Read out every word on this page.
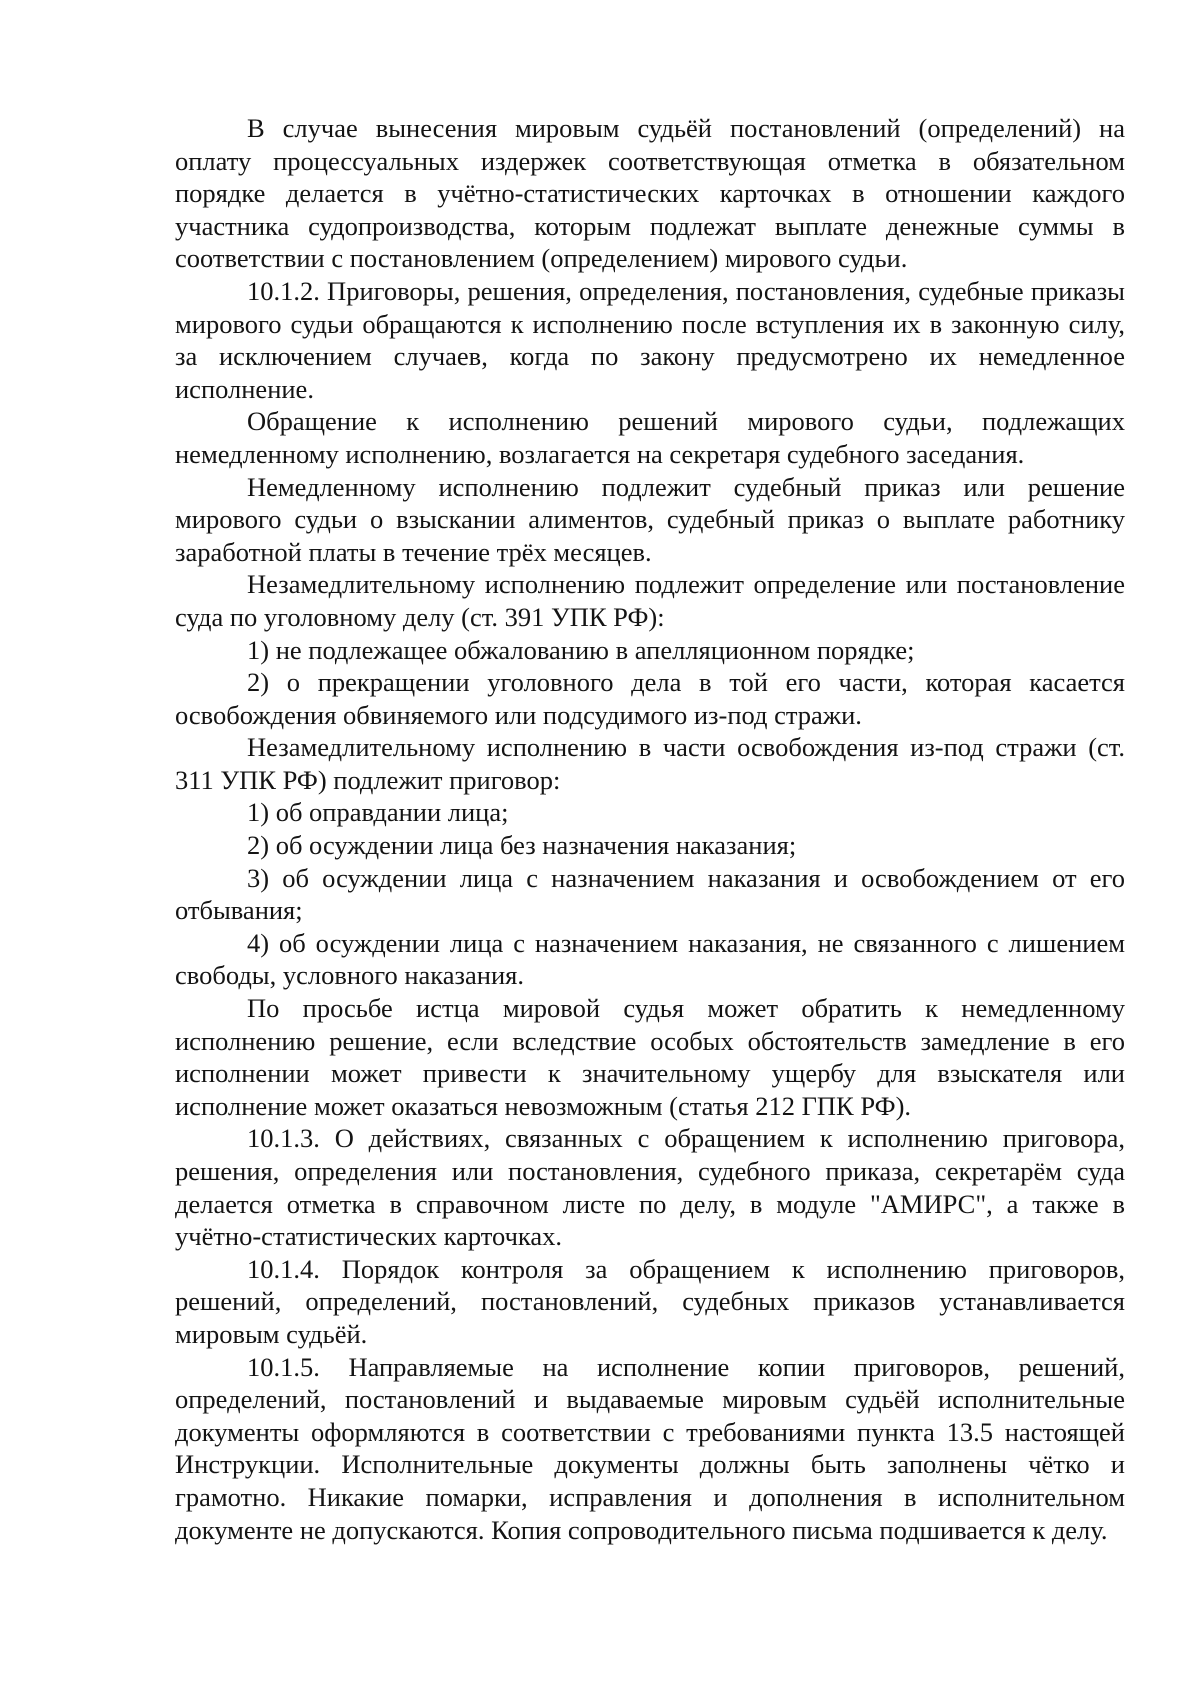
В случае вынесения мировым судьёй постановлений (определений) на оплату процессуальных издержек соответствующая отметка в обязательном порядке делается в учётно-статистических карточках в отношении каждого участника судопроизводства, которым подлежат выплате денежные суммы в соответствии с постановлением (определением) мирового судьи.

10.1.2. Приговоры, решения, определения, постановления, судебные приказы мирового судьи обращаются к исполнению после вступления их в законную силу, за исключением случаев, когда по закону предусмотрено их немедленное исполнение.

Обращение к исполнению решений мирового судьи, подлежащих немедленному исполнению, возлагается на секретаря судебного заседания.

Немедленному исполнению подлежит судебный приказ или решение мирового судьи о взыскании алиментов, судебный приказ о выплате работнику заработной платы в течение трёх месяцев.

Незамедлительному исполнению подлежит определение или постановление суда по уголовному делу (ст. 391 УПК РФ):

1) не подлежащее обжалованию в апелляционном порядке;

2) о прекращении уголовного дела в той его части, которая касается освобождения обвиняемого или подсудимого из-под стражи.

Незамедлительному исполнению в части освобождения из-под стражи (ст. 311 УПК РФ) подлежит приговор:

1) об оправдании лица;

2) об осуждении лица без назначения наказания;

3) об осуждении лица с назначением наказания и освобождением от его отбывания;

4) об осуждении лица с назначением наказания, не связанного с лишением свободы, условного наказания.

По просьбе истца мировой судья может обратить к немедленному исполнению решение, если вследствие особых обстоятельств замедление в его исполнении может привести к значительному ущербу для взыскателя или исполнение может оказаться невозможным (статья 212 ГПК РФ).

10.1.3. О действиях, связанных с обращением к исполнению приговора, решения, определения или постановления, судебного приказа, секретарём суда делается отметка в справочном листе по делу, в модуле "АМИРС", а также в учётно-статистических карточках.

10.1.4. Порядок контроля за обращением к исполнению приговоров, решений, определений, постановлений, судебных приказов устанавливается мировым судьёй.

10.1.5. Направляемые на исполнение копии приговоров, решений, определений, постановлений и выдаваемые мировым судьёй исполнительные документы оформляются в соответствии с требованиями пункта 13.5 настоящей Инструкции. Исполнительные документы должны быть заполнены чётко и грамотно. Никакие помарки, исправления и дополнения в исполнительном документе не допускаются. Копия сопроводительного письма подшивается к делу.
